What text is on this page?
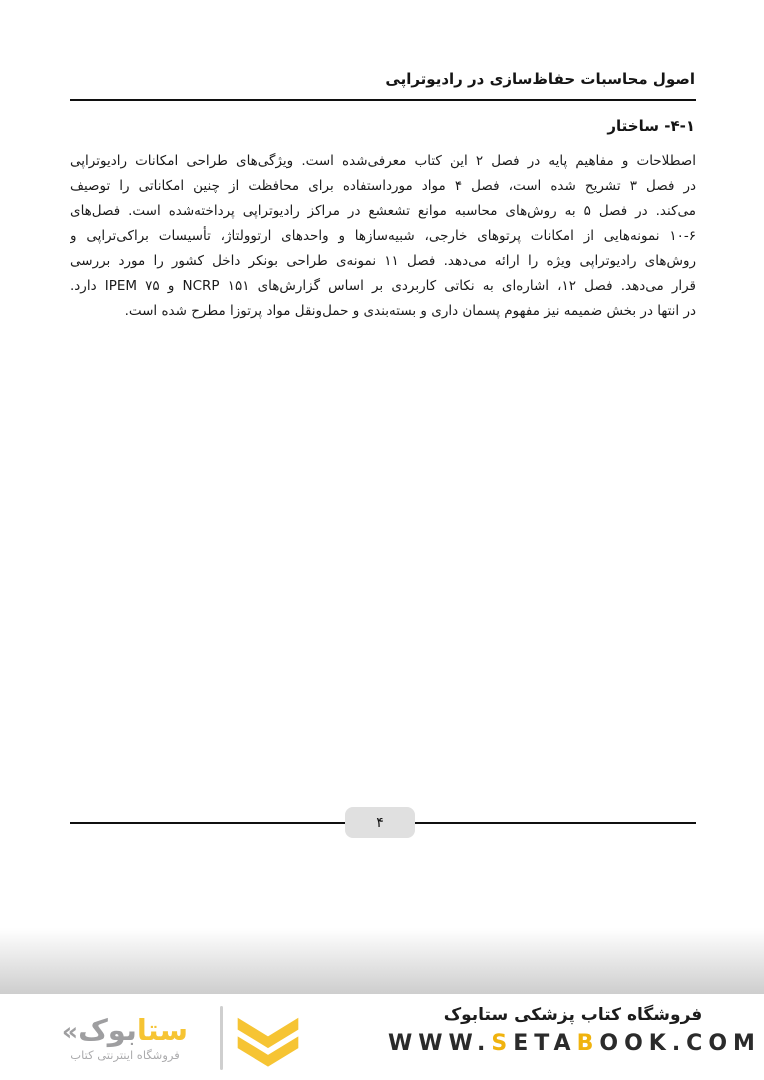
اصول محاسبات حفاظ‌سازی در رادیوتراپی
۱‏-‏۴‏- ساختار
اصطلاحات و مفاهیم پایه در فصل ۲ این کتاب معرفی‌شده است. ویژگی‌های طراحی امکانات رادیوتراپی
در فصل ۳ تشریح شده است، فصل ۴ مواد مورداستفاده برای محافظت از چنین امکاناتی را توصیف
می‌کند. در فصل ۵ به روش‌های محاسبه موانع تشعشع در مراکز رادیوتراپی پرداخته‌شده است. فصل‌های
۶‏-‏۱۰ نمونه‌هایی از امکانات پرتوهای خارجی، شبیه‌سازها و واحدهای ارتوولتاژ، تأسیسات براکی‌تراپی و
روش‌های رادیوتراپی ویژه را ارائه می‌دهد. فصل ۱۱ نمونه‌ی طراحی بونکر داخل کشور را مورد بررسی
قرار می‌دهد. فصل ۱۲، اشاره‌ای به نکاتی کاربردی بر اساس گزارش‌های NCRP ۱۵۱ و IPEM ۷۵ دارد.
در انتها در بخش ضمیمه نیز مفهوم پسمان داری و بسته‌بندی و حمل‌ونقل مواد پرتوزا مطرح شده است.
۴
ستابوک«
فروشگاه اینترنتی کتاب
فروشگاه کتاب پزشکی ستابوک
WWW.SETABOOK.COM
